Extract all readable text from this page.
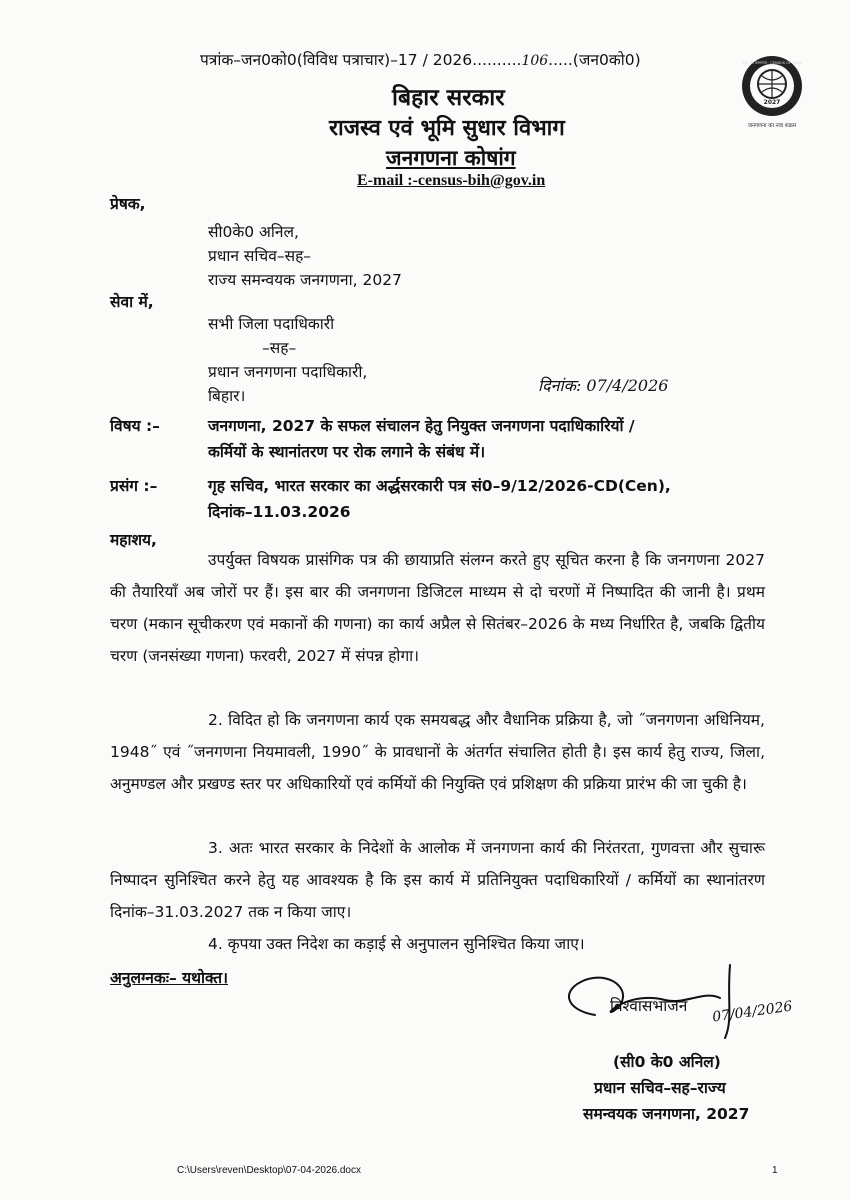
पत्रांक–जन0को0(विविध पत्राचार)–17 / 2026..........106.....(जन0को0)
2027
भारत की जनगणना · CENSUS OF INDIA
जनगणना का नवा शक्रम
बिहार सरकार
राजस्व एवं भूमि सुधार विभाग
जनगणना कोषांग
E-mail :-census-bih@gov.in
प्रेषक,
सी0के0 अनिल,
प्रधान सचिव–सह–
राज्य समन्वयक जनगणना, 2027
सेवा में,
सभी जिला पदाधिकारी
–सह–
प्रधान जनगणना पदाधिकारी,
बिहार।
दिनांक: 07/4/2026
विषय :–	जनगणना, 2027 के सफल संचालन हेतु नियुक्त जनगणना पदाधिकारियों /
कर्मियों के स्थानांतरण पर रोक लगाने के संबंध में।
प्रसंग :–	गृह सचिव, भारत सरकार का अर्द्धसरकारी पत्र सं0–9/12/2026-CD(Cen),
दिनांक–11.03.2026
महाशय,
उपर्युक्त विषयक प्रासंगिक पत्र की छायाप्रति संलग्न करते हुए सूचित करना है कि जनगणना 2027 की तैयारियाँ अब जोरों पर हैं। इस बार की जनगणना डिजिटल माध्यम से दो चरणों में निष्पादित की जानी है। प्रथम चरण (मकान सूचीकरण एवं मकानों की गणना) का कार्य अप्रैल से सितंबर–2026 के मध्य निर्धारित है, जबकि द्वितीय चरण (जनसंख्या गणना) फरवरी, 2027 में संपन्न होगा।
2. विदित हो कि जनगणना कार्य एक समयबद्ध और वैधानिक प्रक्रिया है, जो ˝जनगणना अधिनियम, 1948˝ एवं ˝जनगणना नियमावली, 1990˝ के प्रावधानों के अंतर्गत संचालित होती है। इस कार्य हेतु राज्य, जिला, अनुमण्डल और प्रखण्ड स्तर पर अधिकारियों एवं कर्मियों की नियुक्ति एवं प्रशिक्षण की प्रक्रिया प्रारंभ की जा चुकी है।
3. अतः भारत सरकार के निदेशों के आलोक में जनगणना कार्य की निरंतरता, गुणवत्ता और सुचारू निष्पादन सुनिश्चित करने हेतु यह आवश्यक है कि इस कार्य में प्रतिनियुक्त पदाधिकारियों / कर्मियों का स्थानांतरण दिनांक–31.03.2027 तक न किया जाए।
4. कृपया उक्त निदेश का कड़ाई से अनुपालन सुनिश्चित किया जाए।
अनुलग्नकः– यथोक्त।
विश्वासभाजन 07/04/2026
(सी0 के0 अनिल)
प्रधान सचिव–सह–राज्य
समन्वयक जनगणना, 2027
C:\Users\reven\Desktop\07-04-2026.docx	1
